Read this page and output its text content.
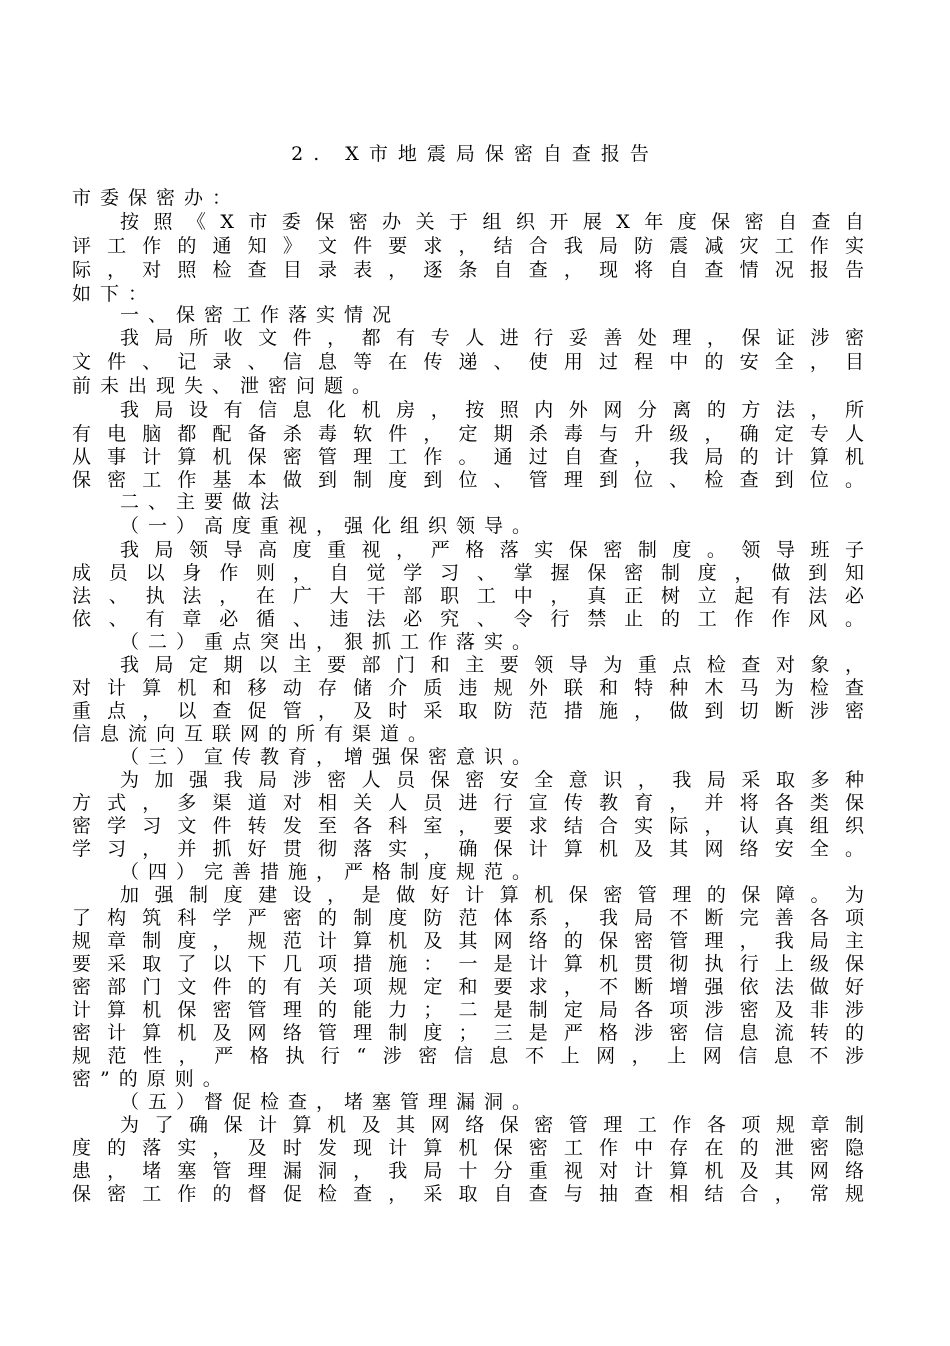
2. X市地震局保密自查报告
市委保密办：
按​照​《​X​市​委​保​密​办​关​于​组​织​开​展​X​年​度​保​密​自​查​自
评​工​作​的​通​知​》​文​件​要​求​，​结​合​我​局​防​震​减​灾​工​作​实
际​，​对​照​检​查​目​录​表​，​逐​条​自​查​，​现​将​自​查​情​况​报​告
如下：
一、保密工作落实情况
我​局​所​收​文​件​，​都​有​专​人​进​行​妥​善​处​理​，​保​证​涉​密
文​件​、​记​录​、​信​息​等​在​传​递​、​使​用​过​程​中​的​安​全​，​目
前未出现失、泄密问题。
我​局​设​有​信​息​化​机​房​，​按​照​内​外​网​分​离​的​方​法​，​所
有​电​脑​都​配​备​杀​毒​软​件​，​定​期​杀​毒​与​升​级​，​确​定​专​人
从​事​计​算​机​保​密​管​理​工​作​。​通​过​自​查​，​我​局​的​计​算​机
保​密​工​作​基​本​做​到​制​度​到​位​、​管​理​到​位​、​检​查​到​位​。
二、主要做法
（一）高度重视，强化组织领导。
我​局​领​导​高​度​重​视​，​严​格​落​实​保​密​制​度​。​领​导​班​子
成​员​以​身​作​则​，​自​觉​学​习​、​掌​握​保​密​制​度​，​做​到​知
法​、​执​法​，​在​广​大​干​部​职​工​中​，​真​正​树​立​起​有​法​必
依​、​有​章​必​循​、​违​法​必​究​、​令​行​禁​止​的​工​作​作​风​。
（二）重点突出，狠抓工作落实。
我​局​定​期​以​主​要​部​门​和​主​要​领​导​为​重​点​检​查​对​象​，
对​计​算​机​和​移​动​存​储​介​质​违​规​外​联​和​特​种​木​马​为​检​查
重​点​，​以​查​促​管​，​及​时​采​取​防​范​措​施​，​做​到​切​断​涉​密
信息流向互联网的所有渠道。
（三）宣传教育，增强保密意识。
为​加​强​我​局​涉​密​人​员​保​密​安​全​意​识​，​我​局​采​取​多​种
方​式​，​多​渠​道​对​相​关​人​员​进​行​宣​传​教​育​，​并​将​各​类​保
密​学​习​文​件​转​发​至​各​科​室​，​要​求​结​合​实​际​，​认​真​组​织
学​习​，​并​抓​好​贯​彻​落​实​，​确​保​计​算​机​及​其​网​络​安​全​。
（四）完善措施，严格制度规范。
加​强​制​度​建​设​，​是​做​好​计​算​机​保​密​管​理​的​保​障​。​为
了​构​筑​科​学​严​密​的​制​度​防​范​体​系​，​我​局​不​断​完​善​各​项
规​章​制​度​，​规​范​计​算​机​及​其​网​络​的​保​密​管​理​，​我​局​主
要​采​取​了​以​下​几​项​措​施​：​一​是​计​算​机​贯​彻​执​行​上​级​保
密​部​门​文​件​的​有​关​项​规​定​和​要​求​，​不​断​增​强​依​法​做​好
计​算​机​保​密​管​理​的​能​力​；​二​是​制​定​局​各​项​涉​密​及​非​涉
密​计​算​机​及​网​络​管​理​制​度​；​三​是​严​格​涉​密​信​息​流​转​的
规​范​性​，​严​格​执​行​“​涉​密​信​息​不​上​网​，​上​网​信​息​不​涉
密”的原则。
（五）督促检查，堵塞管理漏洞。
为​了​确​保​计​算​机​及​其​网​络​保​密​管​理​工​作​各​项​规​章​制
度​的​落​实​，​及​时​发​现​计​算​机​保​密​工​作​中​存​在​的​泄​密​隐
患​，​堵​塞​管​理​漏​洞​，​我​局​十​分​重​视​对​计​算​机​及​其​网​络
保​密​工​作​的​督​促​检​查​，​采​取​自​查​与​抽​查​相​结​合​，​常​规
